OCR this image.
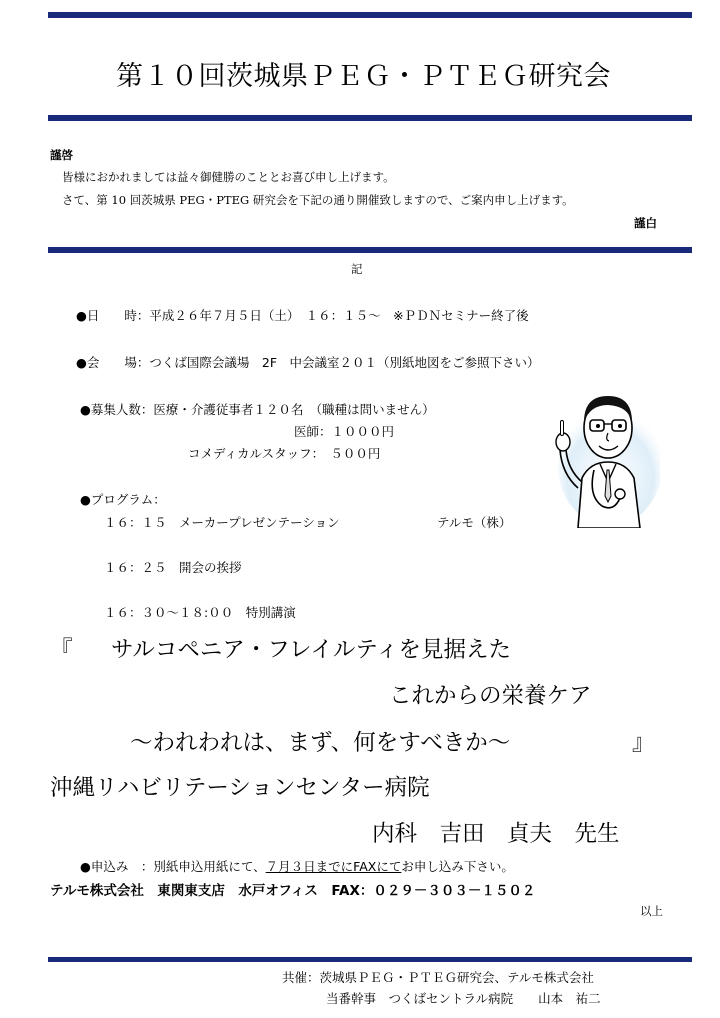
第１０回茨城県ＰＥＧ・ＰＴＥＧ研究会
謹啓
皆様におかれましては益々御健勝のこととお喜び申し上げます。
さて、第 10 回茨城県 PEG・PTEG 研究会を下記の通り開催致しますので、ご案内申し上げます。
謹白
記
●日　　時：平成２６年７月５日（土）　１６：１５～　※ＰＤＮセミナー終了後
●会　　場：つくば国際会議場　2F　中会議室２０１（別紙地図をご参照下さい）
●募集人数：医療・介護従事者１２０名　（職種は問いません）
医師：１０００円
コメディカルスタッフ：　５００円
●プログラム：
１６：１５　メーカープレゼンテーション	テルモ（株）
１６：２５　開会の挨拶
１６：３０～１８:００　特別講演
『 サルコペニア・フレイルティを見据えた
これからの栄養ケア
～われわれは、まず、何をすべきか～	』
沖縄リハビリテーションセンター病院
内科　吉田　貞夫　先生
●申込み　：別紙申込用紙にて、７月３日までにFAXにてお申し込み下さい。
テルモ株式会社　東関東支店　水戸オフィス　FAX：０２９－３０３－１５０２
以上
共催：茨城県ＰＥＧ・ＰＴＥＧ研究会、テルモ株式会社
当番幹事　つくばセントラル病院　　山本　祐二
